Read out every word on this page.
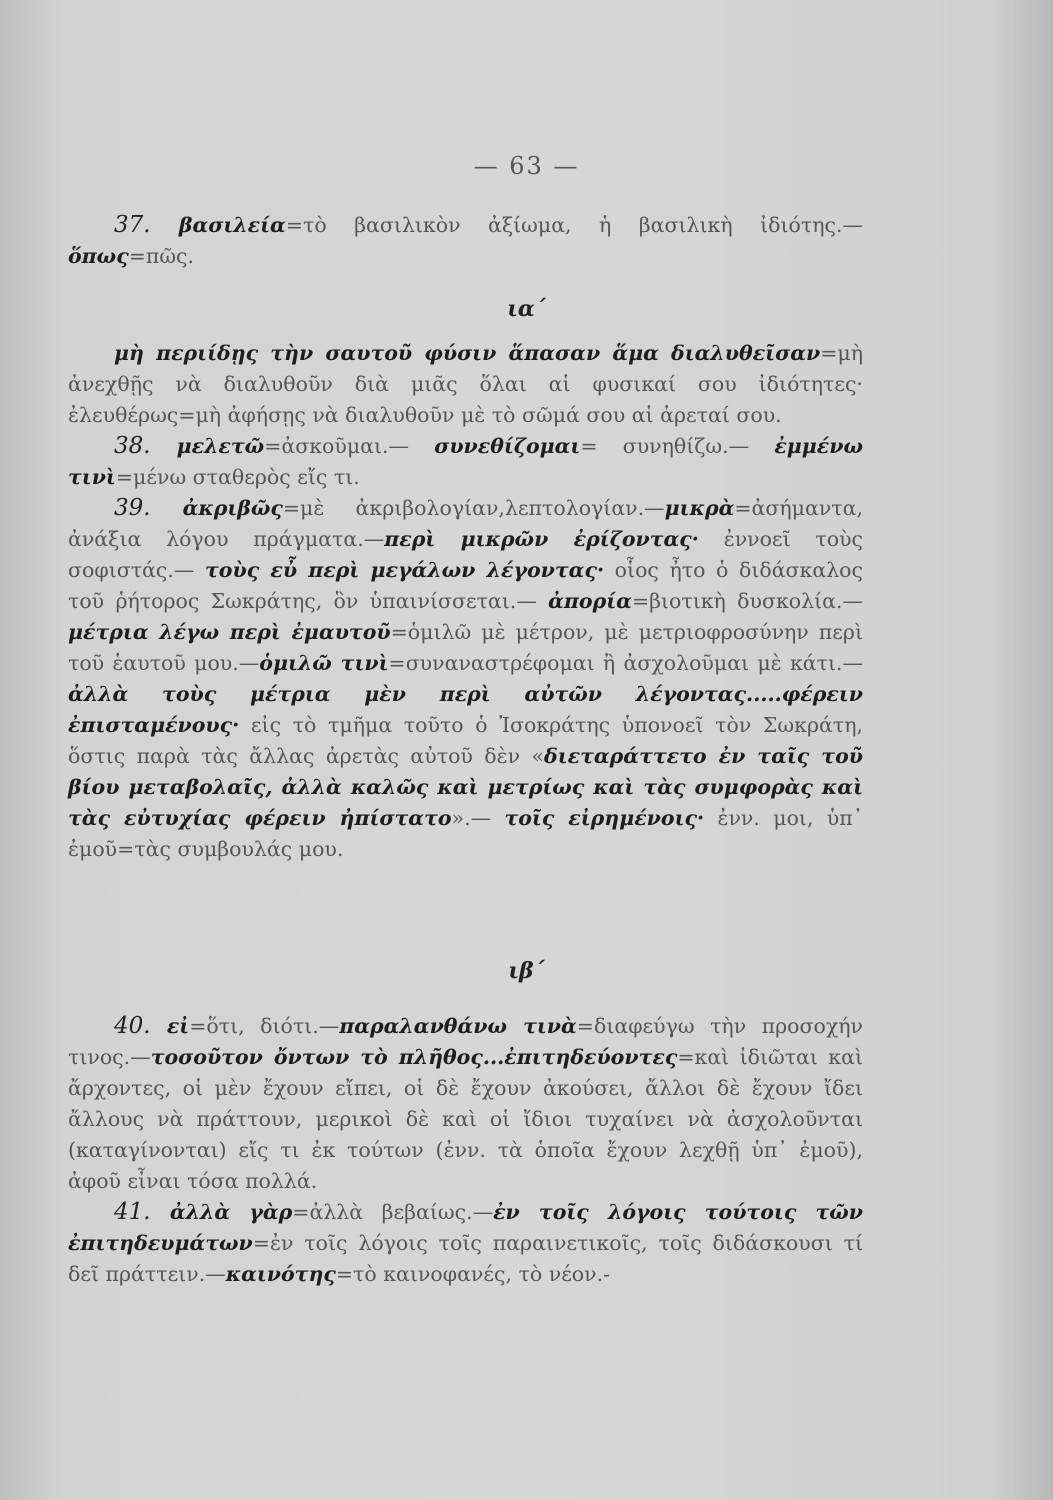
— 63 —

37. βασιλεία=τὸ βασιλικὸν ἀξίωμα, ἡ βασιλικὴ ἰδιότης.— ὅπως=πῶς.

ια΄

μὴ περιίδῃς τὴν σαυτοῦ φύσιν ἅπασαν ἅμα διαλυθεῖσαν=μὴ ἀνεχθῇς νὰ διαλυθοῦν διὰ μιᾶς ὅλαι αἱ φυσικαί σου ἰδιότητες· ἐλευθέρως=μὴ ἀφήσῃς νὰ διαλυθοῦν μὲ τὸ σῶμά σου αἱ ἀρεταί σου.

38. μελετῶ=ἀσκοῦμαι.— συνεθίζομαι= συνηθίζω.— ἐμμένω τινὶ=μένω σταθερὸς εἴς τι.

39. ἀκριβῶς=μὲ ἀκριβολογίαν,λεπτολογίαν.—μικρὰ=ἀσήμαντα, ἀνάξια λόγου πράγματα.—περὶ μικρῶν ἐρίζοντας· ἐννοεῖ τοὺς σοφιστάς.— τοὺς εὖ περὶ μεγάλων λέγοντας· οἷος ἦτο ὁ διδάσκαλος τοῦ ῥήτορος Σωκράτης, ὃν ὑπαινίσσεται.— ἀπορία=βιοτικὴ δυσκολία.—μέτρια λέγω περὶ ἐμαυτοῦ=ὁμιλῶ μὲ μέτρον, μὲ μετριοφροσύνην περὶ τοῦ ἑαυτοῦ μου.—ὁμιλῶ τινὶ=συναναστρέφομαι ἢ ἀσχολοῦμαι μὲ κάτι.— ἀλλὰ τοὺς μέτρια μὲν περὶ αὐτῶν λέγοντας.....φέρειν ἐπισταμένους· εἰς τὸ τμῆμα τοῦτο ὁ Ἰσοκράτης ὑπονοεῖ τὸν Σωκράτη, ὅστις παρὰ τὰς ἄλλας ἀρετὰς αὐτοῦ δὲν «διεταράττετο ἐν ταῖς τοῦ βίου μεταβολαῖς, ἀλλὰ καλῶς καὶ μετρίως καὶ τὰς συμφορὰς καὶ τὰς εὐτυχίας φέρειν ἠπίστατο».— τοῖς εἰρημένοις· ἐνν. μοι, ὑπ᾿ ἐμοῦ=τὰς συμβουλάς μου.

ιβ΄

40. εἰ=ὅτι, διότι.—παραλανθάνω τινὰ=διαφεύγω τὴν προσοχήν τινος.—τοσοῦτον ὄντων τὸ πλῆθος...ἐπιτηδεύοντες=καὶ ἰδιῶται καὶ ἄρχοντες, οἱ μὲν ἔχουν εἴπει, οἱ δὲ ἔχουν ἀκούσει, ἄλλοι δὲ ἔχουν ἴδει ἄλλους νὰ πράττουν, μερικοὶ δὲ καὶ οἱ ἴδιοι τυχαίνει νὰ ἀσχολοῦνται (καταγίνονται) εἴς τι ἐκ τούτων (ἐνν. τὰ ὁποῖα ἔχουν λεχθῇ ὑπ᾿ ἐμοῦ), ἀφοῦ εἶναι τόσα πολλά.

41. ἀλλὰ γὰρ=ἀλλὰ βεβαίως.—ἐν τοῖς λόγοις τούτοις τῶν ἐπιτηδευμάτων=ἐν τοῖς λόγοις τοῖς παραινετικοῖς, τοῖς διδάσκουσι τί δεῖ πράττειν.—καινότης=τὸ καινοφανές, τὸ νέον.-
